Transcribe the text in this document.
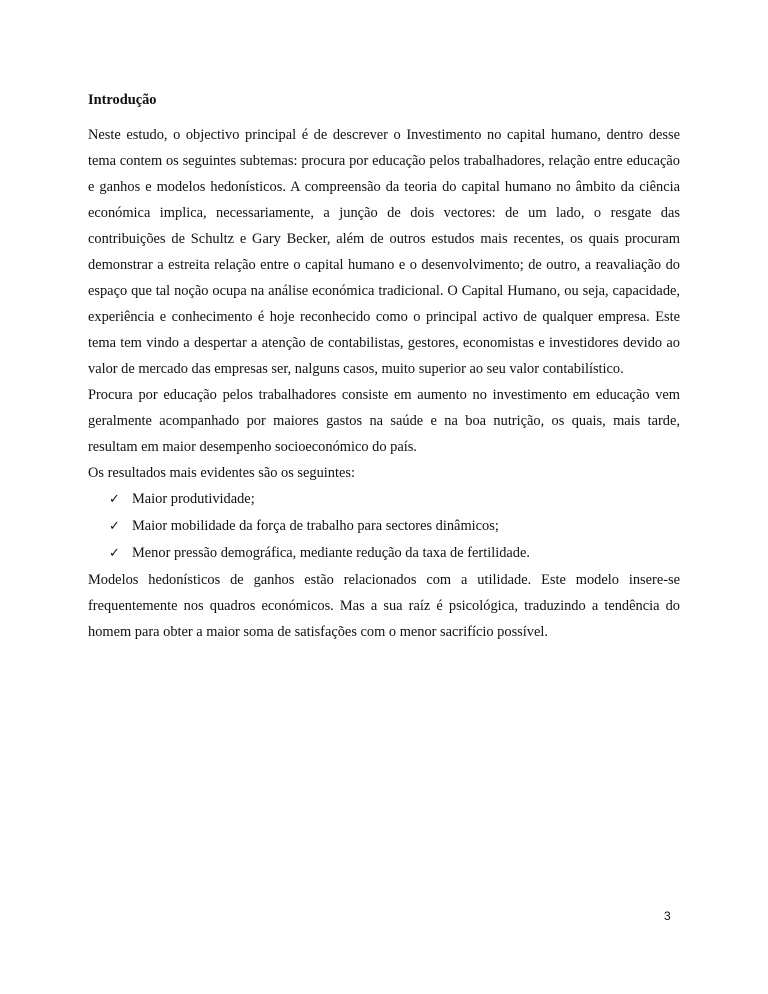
Introdução

Neste estudo, o objectivo principal é de descrever o Investimento no capital humano, dentro desse tema contem os seguintes subtemas: procura por educação pelos trabalhadores, relação entre educação e ganhos e modelos hedonísticos. A compreensão da teoria do capital humano no âmbito da ciência económica implica, necessariamente, a junção de dois vectores: de um lado, o resgate das contribuições de Schultz e Gary Becker, além de outros estudos mais recentes, os quais procuram demonstrar a estreita relação entre o capital humano e o desenvolvimento; de outro, a reavaliação do espaço que tal noção ocupa na análise económica tradicional. O Capital Humano, ou seja, capacidade, experiência e conhecimento é hoje reconhecido como o principal activo de qualquer empresa. Este tema tem vindo a despertar a atenção de contabilistas, gestores, economistas e investidores devido ao valor de mercado das empresas ser, nalguns casos, muito superior ao seu valor contabilístico.

Procura por educação pelos trabalhadores consiste em aumento no investimento em educação vem geralmente acompanhado por maiores gastos na saúde e na boa nutrição, os quais, mais tarde, resultam em maior desempenho socioeconómico do país.

Os resultados mais evidentes são os seguintes:

✓ Maior produtividade;
✓ Maior mobilidade da força de trabalho para sectores dinâmicos;
✓ Menor pressão demográfica, mediante redução da taxa de fertilidade.

Modelos hedonísticos de ganhos estão relacionados com a utilidade. Este modelo insere-se frequentemente nos quadros económicos. Mas a sua raíz é psicológica, traduzindo a tendência do homem para obter a maior soma de satisfações com o menor sacrifício possível.

3
